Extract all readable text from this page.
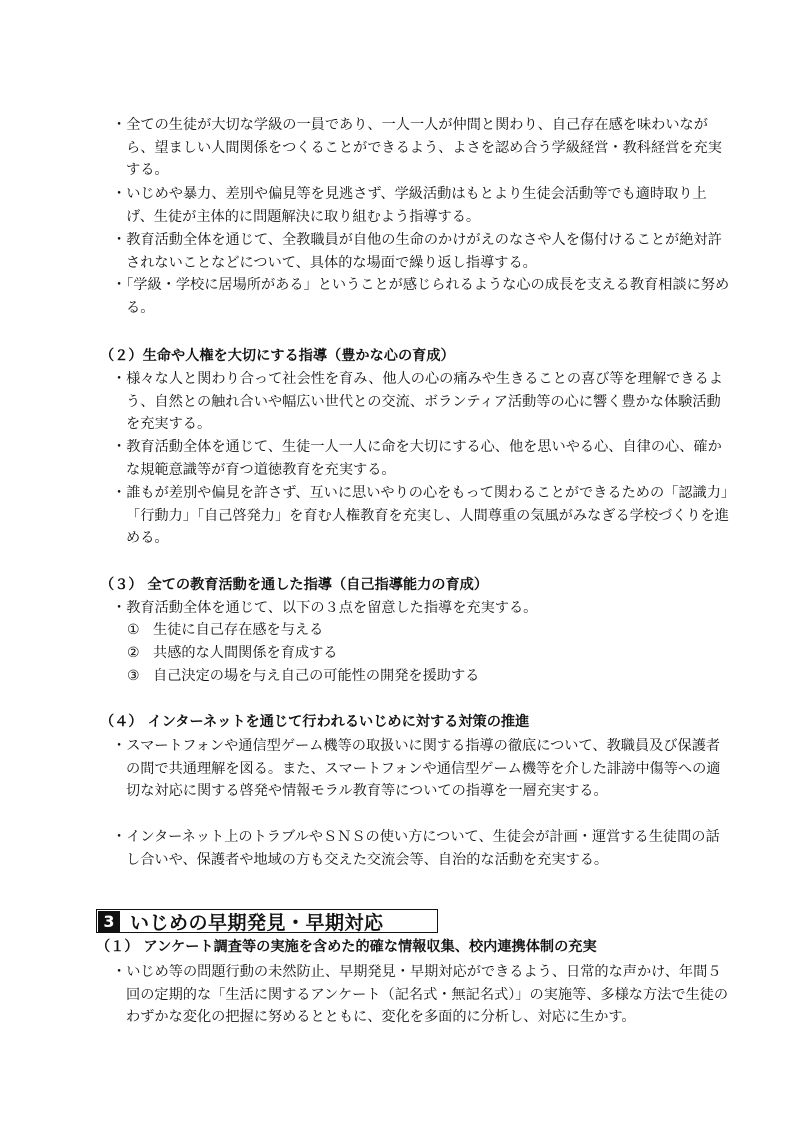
・全ての生徒が大切な学級の一員であり、一人一人が仲間と関わり、自己存在感を味わいながら、望ましい人間関係をつくることができるよう、よさを認め合う学級経営・教科経営を充実する。
・いじめや暴力、差別や偏見等を見逃さず、学級活動はもとより生徒会活動等でも適時取り上げ、生徒が主体的に問題解決に取り組むよう指導する。
・教育活動全体を通じて、全教職員が自他の生命のかけがえのなさや人を傷付けることが絶対許されないことなどについて、具体的な場面で繰り返し指導する。
・「学級・学校に居場所がある」ということが感じられるような心の成長を支える教育相談に努める。
（２）生命や人権を大切にする指導（豊かな心の育成）
・様々な人と関わり合って社会性を育み、他人の心の痛みや生きることの喜び等を理解できるよう、自然との触れ合いや幅広い世代との交流、ボランティア活動等の心に響く豊かな体験活動を充実する。
・教育活動全体を通じて、生徒一人一人に命を大切にする心、他を思いやる心、自律の心、確かな規範意識等が育つ道徳教育を充実する。
・誰もが差別や偏見を許さず、互いに思いやりの心をもって関わることができるための「認識力」「行動力」「自己啓発力」を育む人権教育を充実し、人間尊重の気風がみなぎる学校づくりを進める。
（３） 全ての教育活動を通した指導（自己指導能力の育成）
・教育活動全体を通じて、以下の３点を留意した指導を充実する。
① 生徒に自己存在感を与える
② 共感的な人間関係を育成する
③ 自己決定の場を与え自己の可能性の開発を援助する
（４） インターネットを通じて行われるいじめに対する対策の推進
・スマートフォンや通信型ゲーム機等の取扱いに関する指導の徹底について、教職員及び保護者の間で共通理解を図る。また、スマートフォンや通信型ゲーム機等を介した誹謗中傷等への適切な対応に関する啓発や情報モラル教育等についての指導を一層充実する。
・インターネット上のトラブルやＳＮＳの使い方について、生徒会が計画・運営する生徒間の話し合いや、保護者や地域の方も交えた交流会等、自治的な活動を充実する。
3 いじめの早期発見・早期対応
（１） アンケート調査等の実施を含めた的確な情報収集、校内連携体制の充実
・いじめ等の問題行動の未然防止、早期発見・早期対応ができるよう、日常的な声かけ、年間５回の定期的な「生活に関するアンケート（記名式・無記名式）」の実施等、多様な方法で生徒のわずかな変化の把握に努めるとともに、変化を多面的に分析し、対応に生かす。
